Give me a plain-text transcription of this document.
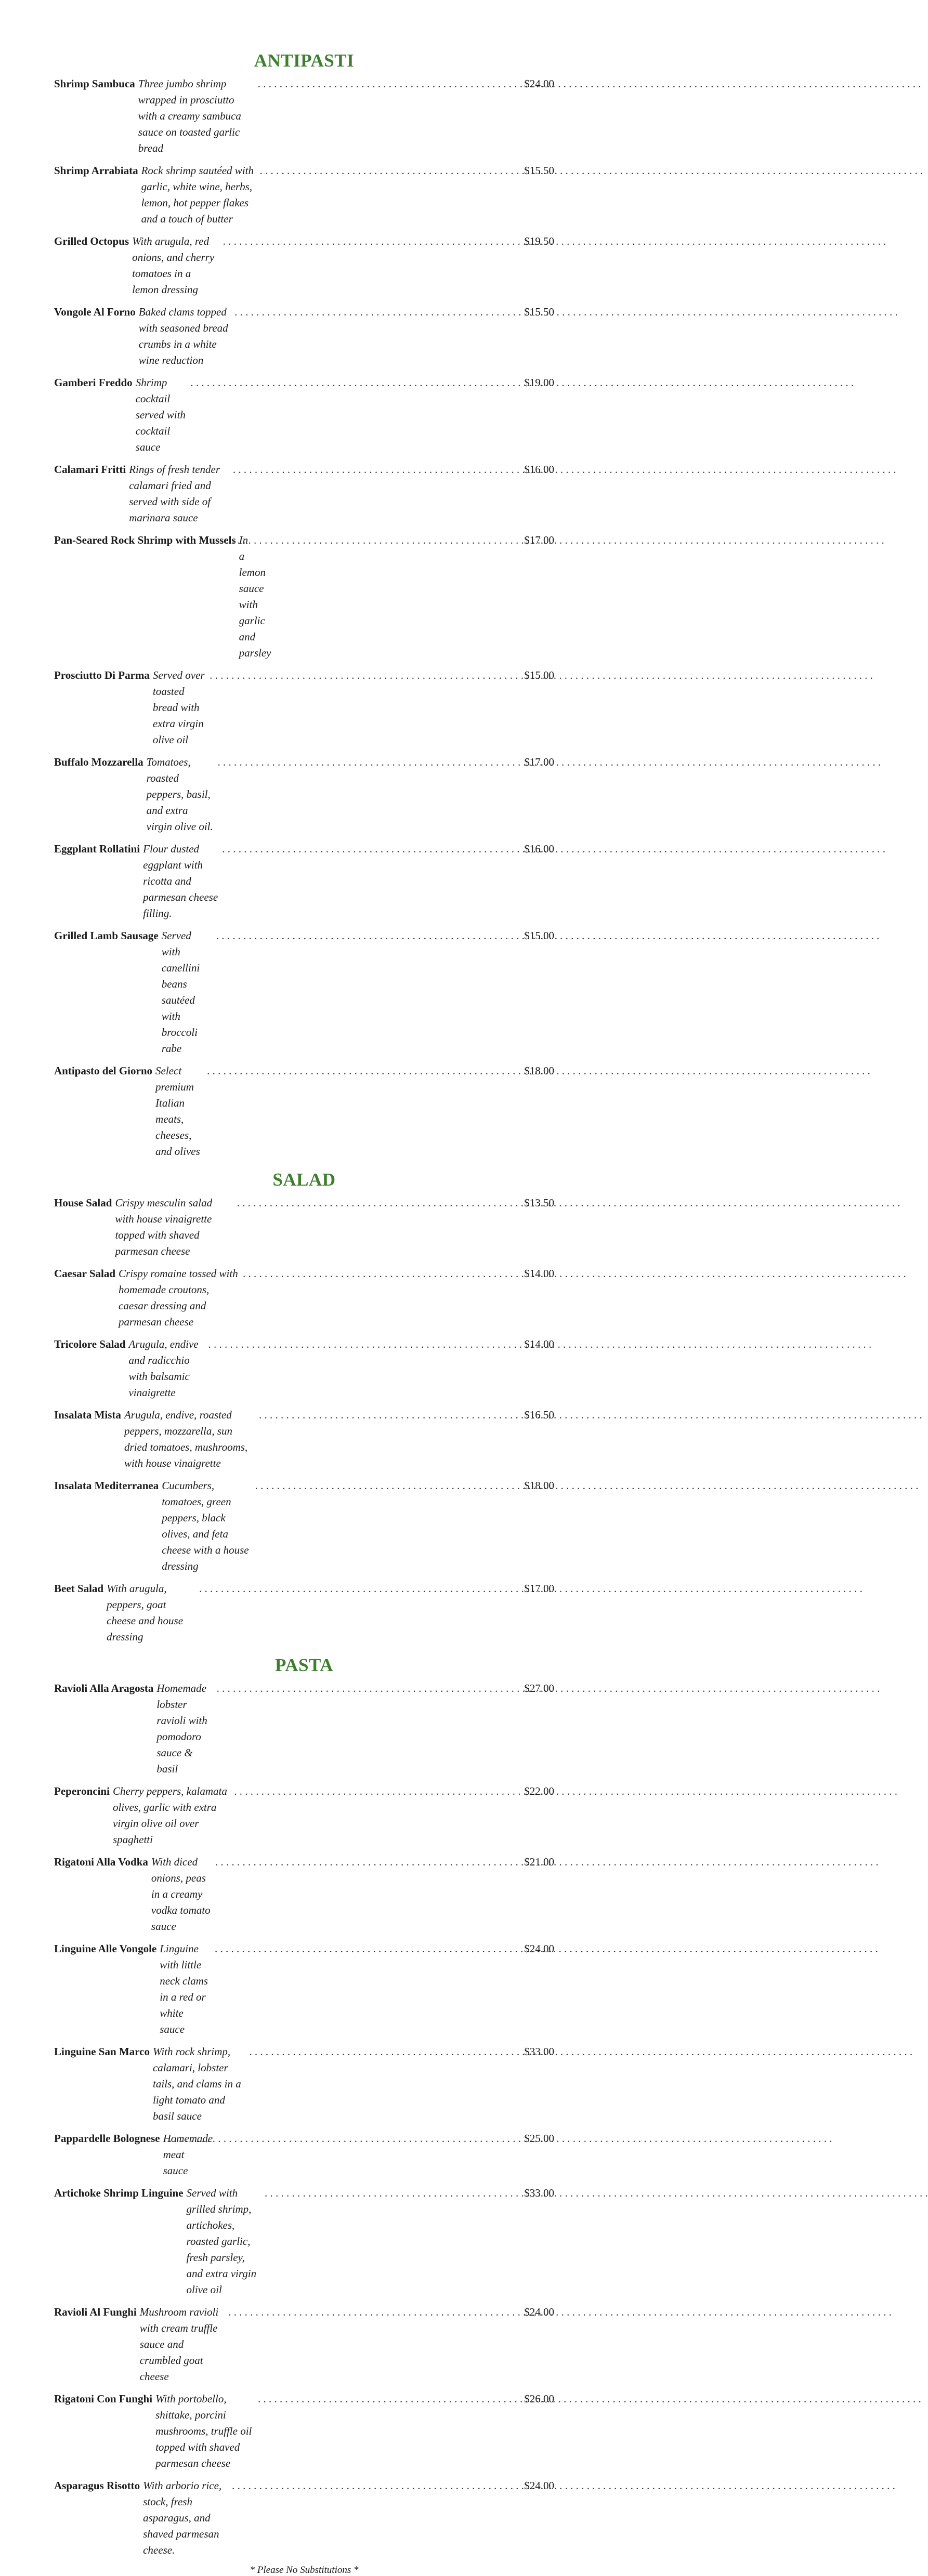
ANTIPASTI
Shrimp Sambuca Three jumbo shrimp wrapped in prosciutto with a creamy sambuca sauce on toasted garlic bread
. . .
$24.00
Shrimp Arrabiata Rock shrimp sautéed with garlic, white wine, herbs, lemon, hot pepper flakes and a touch of butter
. . .
$15.50
Grilled Octopus With arugula, red onions, and cherry tomatoes in a lemon dressing
. . .
$19.50
Vongole Al Forno Baked clams topped with seasoned bread crumbs in a white wine reduction
. . .
$15.50
Gamberi Freddo Shrimp cocktail served with cocktail sauce
. . .
$19.00
Calamari Fritti Rings of fresh tender calamari fried and served with side of marinara sauce
. . .
$16.00
Pan-Seared Rock Shrimp with Mussels In a lemon sauce with garlic and parsley
. . .
$17.00
Prosciutto Di Parma Served over toasted bread with extra virgin olive oil
. . .
$15.00
Buffalo Mozzarella Tomatoes, roasted peppers, basil, and extra virgin olive oil.
. . .
$17.00
Eggplant Rollatini Flour dusted eggplant with ricotta and parmesan cheese filling.
. . .
$16.00
Grilled Lamb Sausage Served with canellini beans sautéed with broccoli rabe
. . .
$15.00
Antipasto del Giorno Select premium Italian meats, cheeses, and olives
. . .
$18.00
SALAD
House Salad Crispy mesculin salad with house vinaigrette topped with shaved parmesan cheese
. . .
$13.50
Caesar Salad Crispy romaine tossed with homemade croutons, caesar dressing and parmesan cheese
. . .
$14.00
Tricolore Salad Arugula, endive and radicchio with balsamic vinaigrette
. . .
$14.00
Insalata Mista Arugula, endive, roasted peppers, mozzarella, sun dried tomatoes, mushrooms, with house vinaigrette
. . .
$16.50
Insalata Mediterranea Cucumbers, tomatoes, green peppers, black olives, and feta cheese with a house dressing
. . .
$18.00
Beet Salad With arugula, peppers, goat cheese and house dressing
. . .
$17.00
PASTA
Ravioli Alla Aragosta Homemade lobster ravioli with pomodoro sauce & basil
. . .
$27.00
Peperoncini Cherry peppers, kalamata olives, garlic with extra virgin olive oil over spaghetti
. . .
$22.00
Rigatoni Alla Vodka With diced onions, peas in a creamy vodka tomato sauce
. . .
$21.00
Linguine Alle Vongole Linguine with little neck clams in a red or white sauce
. . .
$24.00
Linguine San Marco With rock shrimp, calamari, lobster tails, and clams in a light tomato and basil sauce
. . .
$33.00
Pappardelle Bolognese Homemade meat sauce
. . .
$25.00
Artichoke Shrimp Linguine Served with grilled shrimp, artichokes, roasted garlic, fresh parsley, and extra virgin olive oil
. . .
$33.00
Ravioli Al Funghi Mushroom ravioli with cream truffle sauce and crumbled goat cheese
. . .
$24.00
Rigatoni Con Funghi With portobello, shittake, porcini mushrooms, truffle oil topped with shaved parmesan cheese
. . .
$26.00
Asparagus Risotto With arborio rice, stock, fresh asparagus, and shaved parmesan cheese.
. . .
$24.00
* Please No Substitutions *
